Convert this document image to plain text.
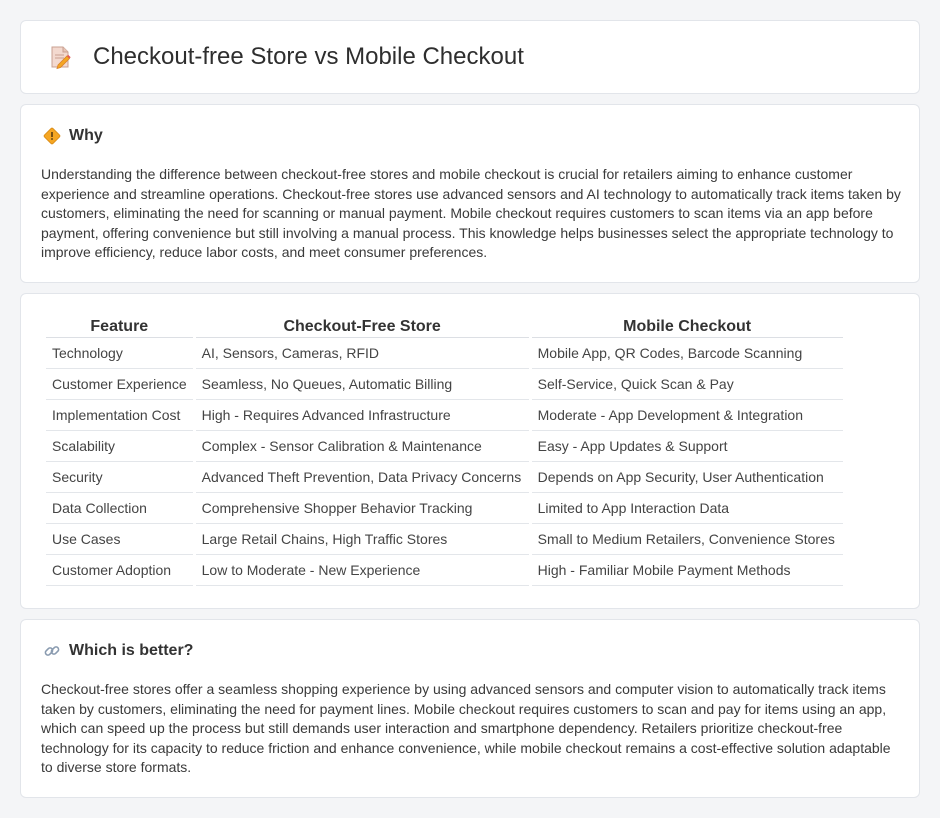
Checkout-free Store vs Mobile Checkout
Why

Understanding the difference between checkout-free stores and mobile checkout is crucial for retailers aiming to enhance customer experience and streamline operations. Checkout-free stores use advanced sensors and AI technology to automatically track items taken by customers, eliminating the need for scanning or manual payment. Mobile checkout requires customers to scan items via an app before payment, offering convenience but still involving a manual process. This knowledge helps businesses select the appropriate technology to improve efficiency, reduce labor costs, and meet consumer preferences.

Feature	Checkout-Free Store	Mobile Checkout
Technology	AI, Sensors, Cameras, RFID	Mobile App, QR Codes, Barcode Scanning
Customer Experience	Seamless, No Queues, Automatic Billing	Self-Service, Quick Scan & Pay
Implementation Cost	High - Requires Advanced Infrastructure	Moderate - App Development & Integration
Scalability	Complex - Sensor Calibration & Maintenance	Easy - App Updates & Support
Security	Advanced Theft Prevention, Data Privacy Concerns	Depends on App Security, User Authentication
Data Collection	Comprehensive Shopper Behavior Tracking	Limited to App Interaction Data
Use Cases	Large Retail Chains, High Traffic Stores	Small to Medium Retailers, Convenience Stores
Customer Adoption	Low to Moderate - New Experience	High - Familiar Mobile Payment Methods
Which is better?

Checkout-free stores offer a seamless shopping experience by using advanced sensors and computer vision to automatically track items taken by customers, eliminating the need for payment lines. Mobile checkout requires customers to scan and pay for items using an app, which can speed up the process but still demands user interaction and smartphone dependency. Retailers prioritize checkout-free technology for its capacity to reduce friction and enhance convenience, while mobile checkout remains a cost-effective solution adaptable to diverse store formats.
